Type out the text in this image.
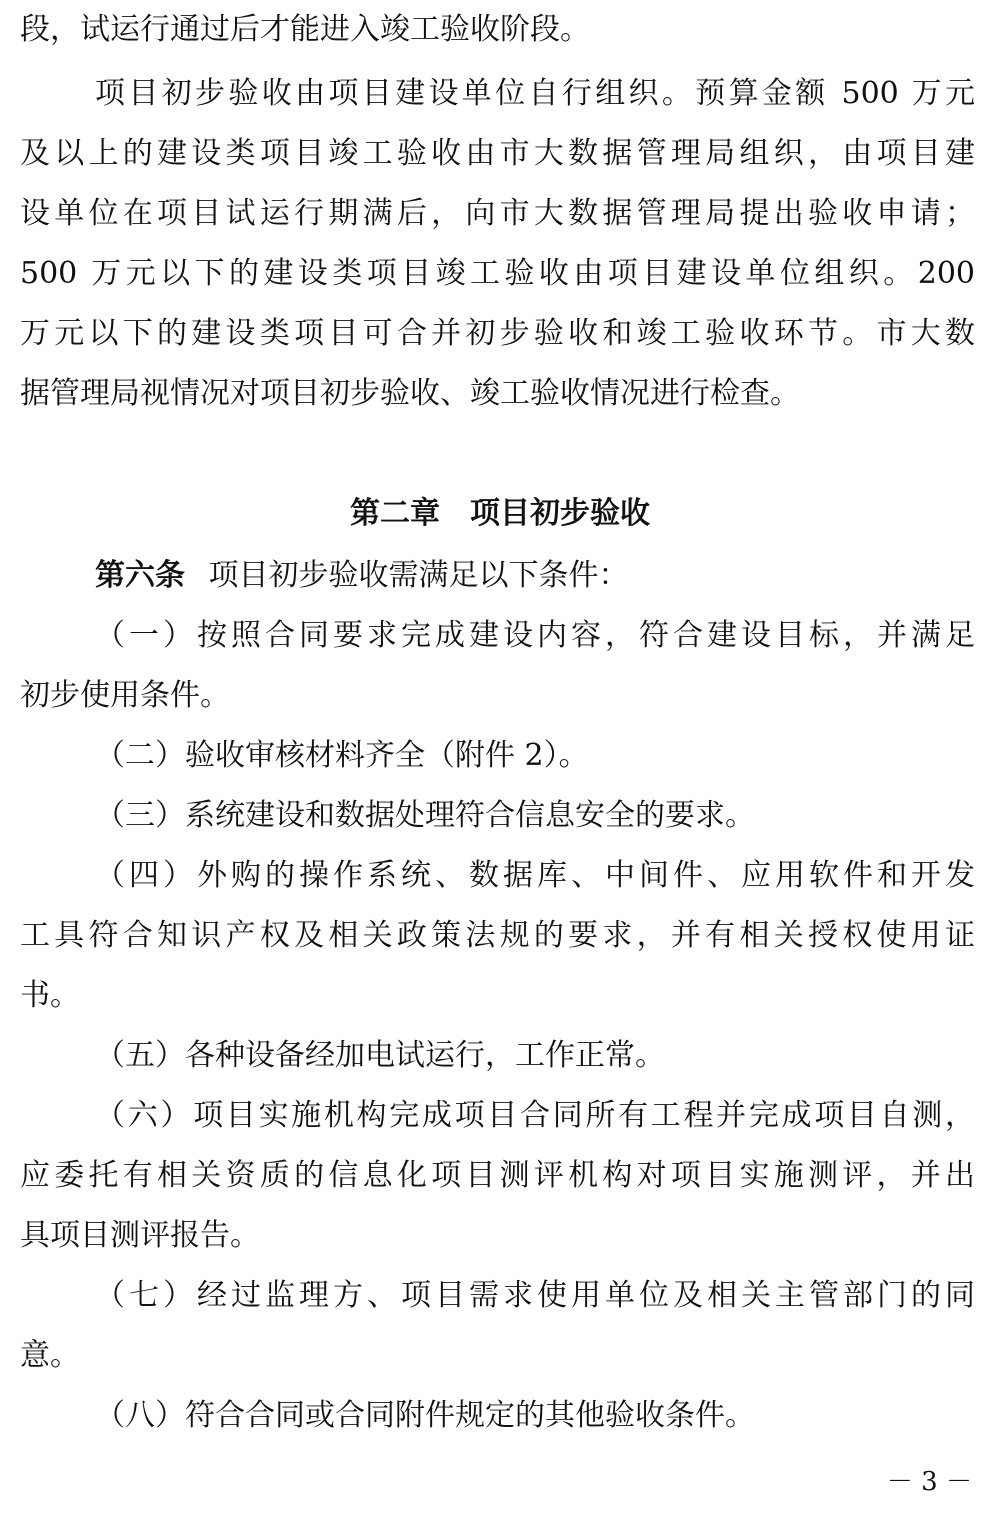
段，试运行通过后才能进入竣工验收阶段。
项目初步验收由项目建设单位自行组织。预算金额 500 万元
及以上的建设类项目竣工验收由市大数据管理局组织，由项目建
设单位在项目试运行期满后，向市大数据管理局提出验收申请；
500 万元以下的建设类项目竣工验收由项目建设单位组织。200
万元以下的建设类项目可合并初步验收和竣工验收环节。市大数
据管理局视情况对项目初步验收、竣工验收情况进行检查。
第二章　项目初步验收
第六条 项目初步验收需满足以下条件：
（一）按照合同要求完成建设内容，符合建设目标，并满足
初步使用条件。
（二）验收审核材料齐全（附件 2）。
（三）系统建设和数据处理符合信息安全的要求。
（四）外购的操作系统、数据库、中间件、应用软件和开发
工具符合知识产权及相关政策法规的要求，并有相关授权使用证
书。
（五）各种设备经加电试运行，工作正常。
（六）项目实施机构完成项目合同所有工程并完成项目自测，
应委托有相关资质的信息化项目测评机构对项目实施测评，并出
具项目测评报告。
（七）经过监理方、项目需求使用单位及相关主管部门的同
意。
（八）符合合同或合同附件规定的其他验收条件。
－ 3 －
